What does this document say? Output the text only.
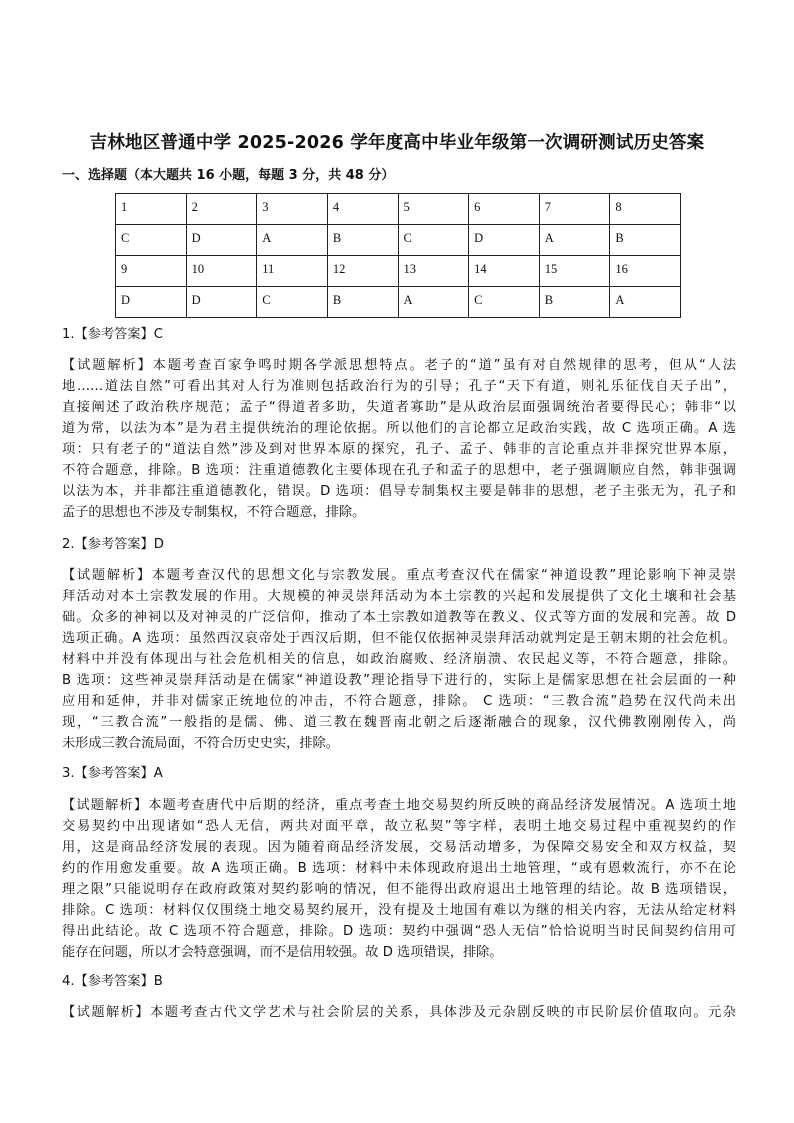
吉林地区普通中学 2025-2026 学年度高中毕业年级第一次调研测试历史答案
一、选择题（本大题共 16 小题，每题 3 分，共 48 分）
1	2	3	4	5	6	7	8
C	D	A	B	C	D	A	B
9	10	11	12	13	14	15	16
D	D	C	B	A	C	B	A
1.【参考答案】C
【试题解析】本题考查百家争鸣时期各学派思想特点。老子的“道”虽有对自然规律的思考，但从“人法
地……道法自然”可看出其对人行为准则包括政治行为的引导；孔子“天下有道，则礼乐征伐自天子出”，
直接阐述了政治秩序规范；孟子“得道者多助，失道者寡助”是从政治层面强调统治者要得民心；韩非“以
道为常，以法为本”是为君主提供统治的理论依据。所以他们的言论都立足政治实践，故 C 选项正确。A 选
项：只有老子的“道法自然”涉及到对世界本原的探究，孔子、孟子、韩非的言论重点并非探究世界本原，
不符合题意，排除。B 选项：注重道德教化主要体现在孔子和孟子的思想中，老子强调顺应自然，韩非强调
以法为本，并非都注重道德教化，错误。D 选项：倡导专制集权主要是韩非的思想，老子主张无为，孔子和
孟子的思想也不涉及专制集权，不符合题意，排除。
2.【参考答案】D
【试题解析】本题考查汉代的思想文化与宗教发展。重点考查汉代在儒家“神道设教”理论影响下神灵崇
拜活动对本土宗教发展的作用。大规模的神灵崇拜活动为本土宗教的兴起和发展提供了文化土壤和社会基
础。众多的神祠以及对神灵的广泛信仰，推动了本土宗教如道教等在教义、仪式等方面的发展和完善。故 D
选项正确。A 选项：虽然西汉哀帝处于西汉后期，但不能仅依据神灵崇拜活动就判定是王朝末期的社会危机。
材料中并没有体现出与社会危机相关的信息，如政治腐败、经济崩溃、农民起义等，不符合题意，排除。
B 选项：这些神灵崇拜活动是在儒家“神道设教”理论指导下进行的，实际上是儒家思想在社会层面的一种
应用和延伸，并非对儒家正统地位的冲击，不符合题意，排除。 C 选项：“三教合流”趋势在汉代尚未出
现，“三教合流”一般指的是儒、佛、道三教在魏晋南北朝之后逐渐融合的现象，汉代佛教刚刚传入，尚
未形成三教合流局面，不符合历史史实，排除。
3.【参考答案】A
【试题解析】本题考查唐代中后期的经济，重点考查土地交易契约所反映的商品经济发展情况。A 选项土地
交易契约中出现诸如“恐人无信，两共对面平章，故立私契”等字样，表明土地交易过程中重视契约的作
用，这是商品经济发展的表现。因为随着商品经济发展，交易活动增多，为保障交易安全和双方权益，契
约的作用愈发重要。故 A 选项正确。B 选项：材料中未体现政府退出土地管理，“或有恩敕流行，亦不在论
理之限”只能说明存在政府政策对契约影响的情况，但不能得出政府退出土地管理的结论。故 B 选项错误，
排除。C 选项：材料仅仅围绕土地交易契约展开，没有提及土地国有难以为继的相关内容，无法从给定材料
得出此结论。故 C 选项不符合题意，排除。D 选项：契约中强调“恐人无信”恰恰说明当时民间契约信用可
能存在问题，所以才会特意强调，而不是信用较强。故 D 选项错误，排除。
4.【参考答案】B
【试题解析】本题考查古代文学艺术与社会阶层的关系，具体涉及元杂剧反映的市民阶层价值取向。元杂
